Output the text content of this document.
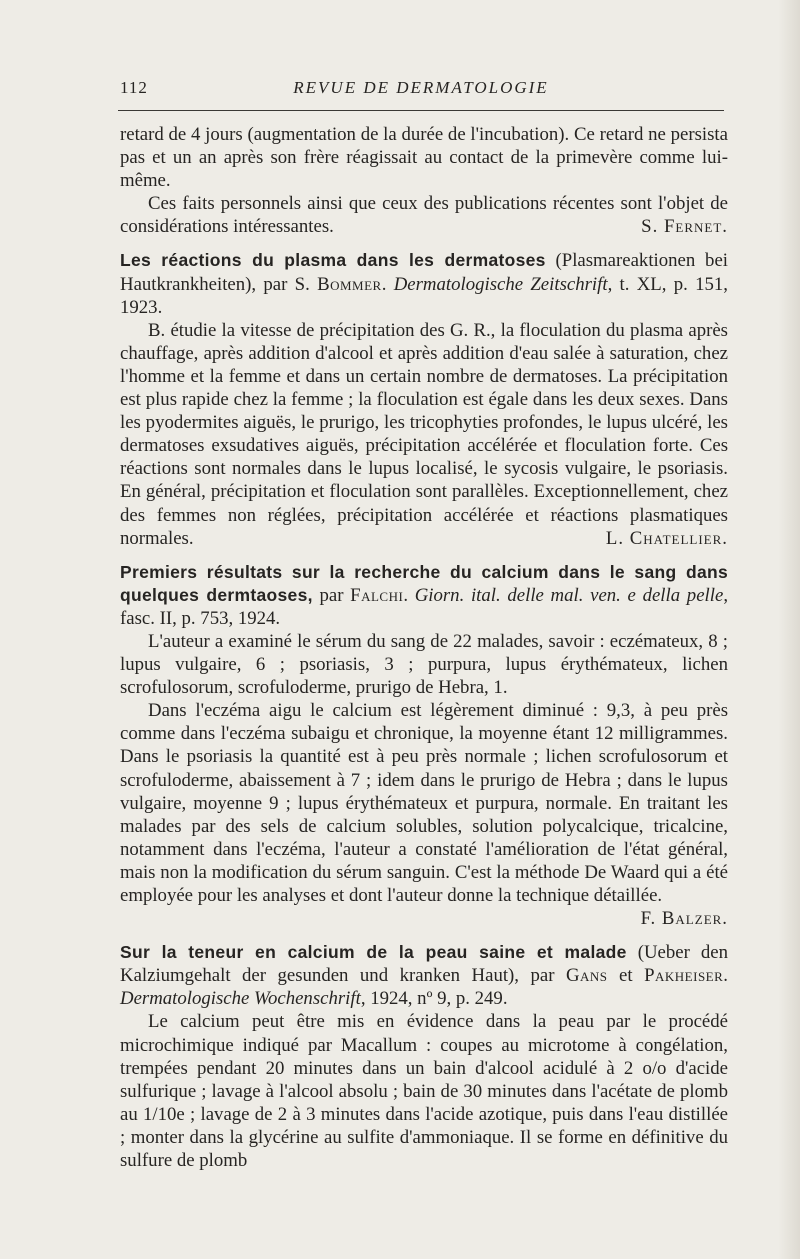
112	REVUE DE DERMATOLOGIE

retard de 4 jours (augmentation de la durée de l'incubation). Ce retard ne persista pas et un an après son frère réagissait au contact de la primevère comme lui-même.

Ces faits personnels ainsi que ceux des publications récentes sont l'objet de considérations intéressantes.	S. Fernet.

Les réactions du plasma dans les dermatoses (Plasmareaktionen bei Hautkrankheiten), par S. Bommer. Dermatologische Zeitschrift, t. XL, p. 151, 1923.

B. étudie la vitesse de précipitation des G. R., la floculation du plasma après chauffage, après addition d'alcool et après addition d'eau salée à saturation, chez l'homme et la femme et dans un certain nombre de dermatoses. La précipitation est plus rapide chez la femme ; la floculation est égale dans les deux sexes. Dans les pyodermites aiguës, le prurigo, les tricophyties profondes, le lupus ulcéré, les dermatoses exsudatives aiguës, précipitation accélérée et floculation forte. Ces réactions sont normales dans le lupus localisé, le sycosis vulgaire, le psoriasis. En général, précipitation et floculation sont parallèles. Exceptionnellement, chez des femmes non réglées, précipitation accélérée et réactions plasmatiques normales.	L. Chatellier.

Premiers résultats sur la recherche du calcium dans le sang dans quelques dermtaoses, par Falchi. Giorn. ital. delle mal. ven. e della pelle, fasc. II, p. 753, 1924.

L'auteur a examiné le sérum du sang de 22 malades, savoir : eczémateux, 8 ; lupus vulgaire, 6 ; psoriasis, 3 ; purpura, lupus érythémateux, lichen scrofulosorum, scrofuloderme, prurigo de Hebra, 1.

Dans l'eczéma aigu le calcium est légèrement diminué : 9,3, à peu près comme dans l'eczéma subaigu et chronique, la moyenne étant 12 milligrammes. Dans le psoriasis la quantité est à peu près normale ; lichen scrofulosorum et scrofuloderme, abaissement à 7 ; idem dans le prurigo de Hebra ; dans le lupus vulgaire, moyenne 9 ; lupus érythémateux et purpura, normale. En traitant les malades par des sels de calcium solubles, solution polycalcique, tricalcine, notamment dans l'eczéma, l'auteur a constaté l'amélioration de l'état général, mais non la modification du sérum sanguin. C'est la méthode De Waard qui a été employée pour les analyses et dont l'auteur donne la technique détaillée.
F. Balzer.

Sur la teneur en calcium de la peau saine et malade (Ueber den Kalziumgehalt der gesunden und kranken Haut), par Gans et Pakheiser. Dermatologische Wochenschrift, 1924, nº 9, p. 249.

Le calcium peut être mis en évidence dans la peau par le procédé microchimique indiqué par Macallum : coupes au microtome à congélation, trempées pendant 20 minutes dans un bain d'alcool acidulé à 2 o/o d'acide sulfurique ; lavage à l'alcool absolu ; bain de 30 minutes dans l'acétate de plomb au 1/10e ; lavage de 2 à 3 minutes dans l'acide azotique, puis dans l'eau distillée ; monter dans la glycérine au sulfite d'ammoniaque. Il se forme en définitive du sulfure de plomb
